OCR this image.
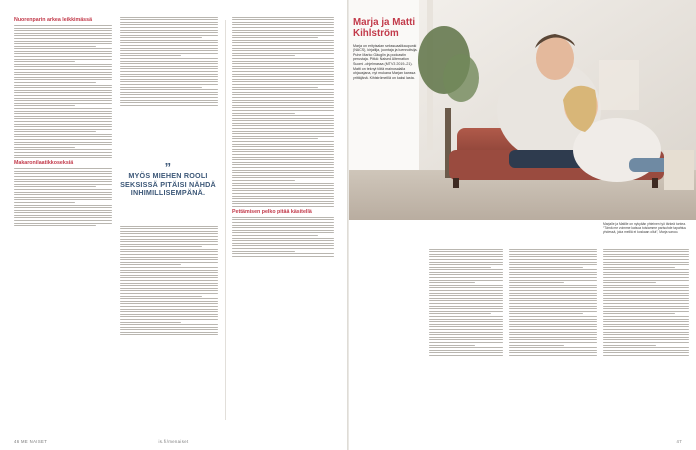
Nuorenparin arkea leikkimässä
Makaronilaatikkoseksiä	”
MYÖS MIEHEN ROOLI SEKSISSÄ PITÄISI NÄHDÄ INHIMILLISEMPÄNÄ.
Pettämisen pelko pitää käsitellä
46 ME NAISET	is.fi/menaiset
Marja ja Matti Kihlström
Marja on erityisalan sekssuaalikaupunki (NACS), kirjailija, juontaja ja luennoitsija. Puhe Marko Gäuglin ja podcastin perustaja. Pitkä: Naised Alternation Suomi -ohjelmassa (MTV3 2019–21). Matti on teknyt töitä mainosalalla ohjausjana, nyt mukana Marjan kanssa yrittäjänä. Kihlströmeillä on kaksi lasta.
Marjalle ja Matille on nykyään yhteinen työ tärkeä tuntea. “Tämä me voimme katsoa toisiamme parisuhde tapahtuu yhdessä, joka meillä ei koskaan ollut”, Marja sanoo.
47
